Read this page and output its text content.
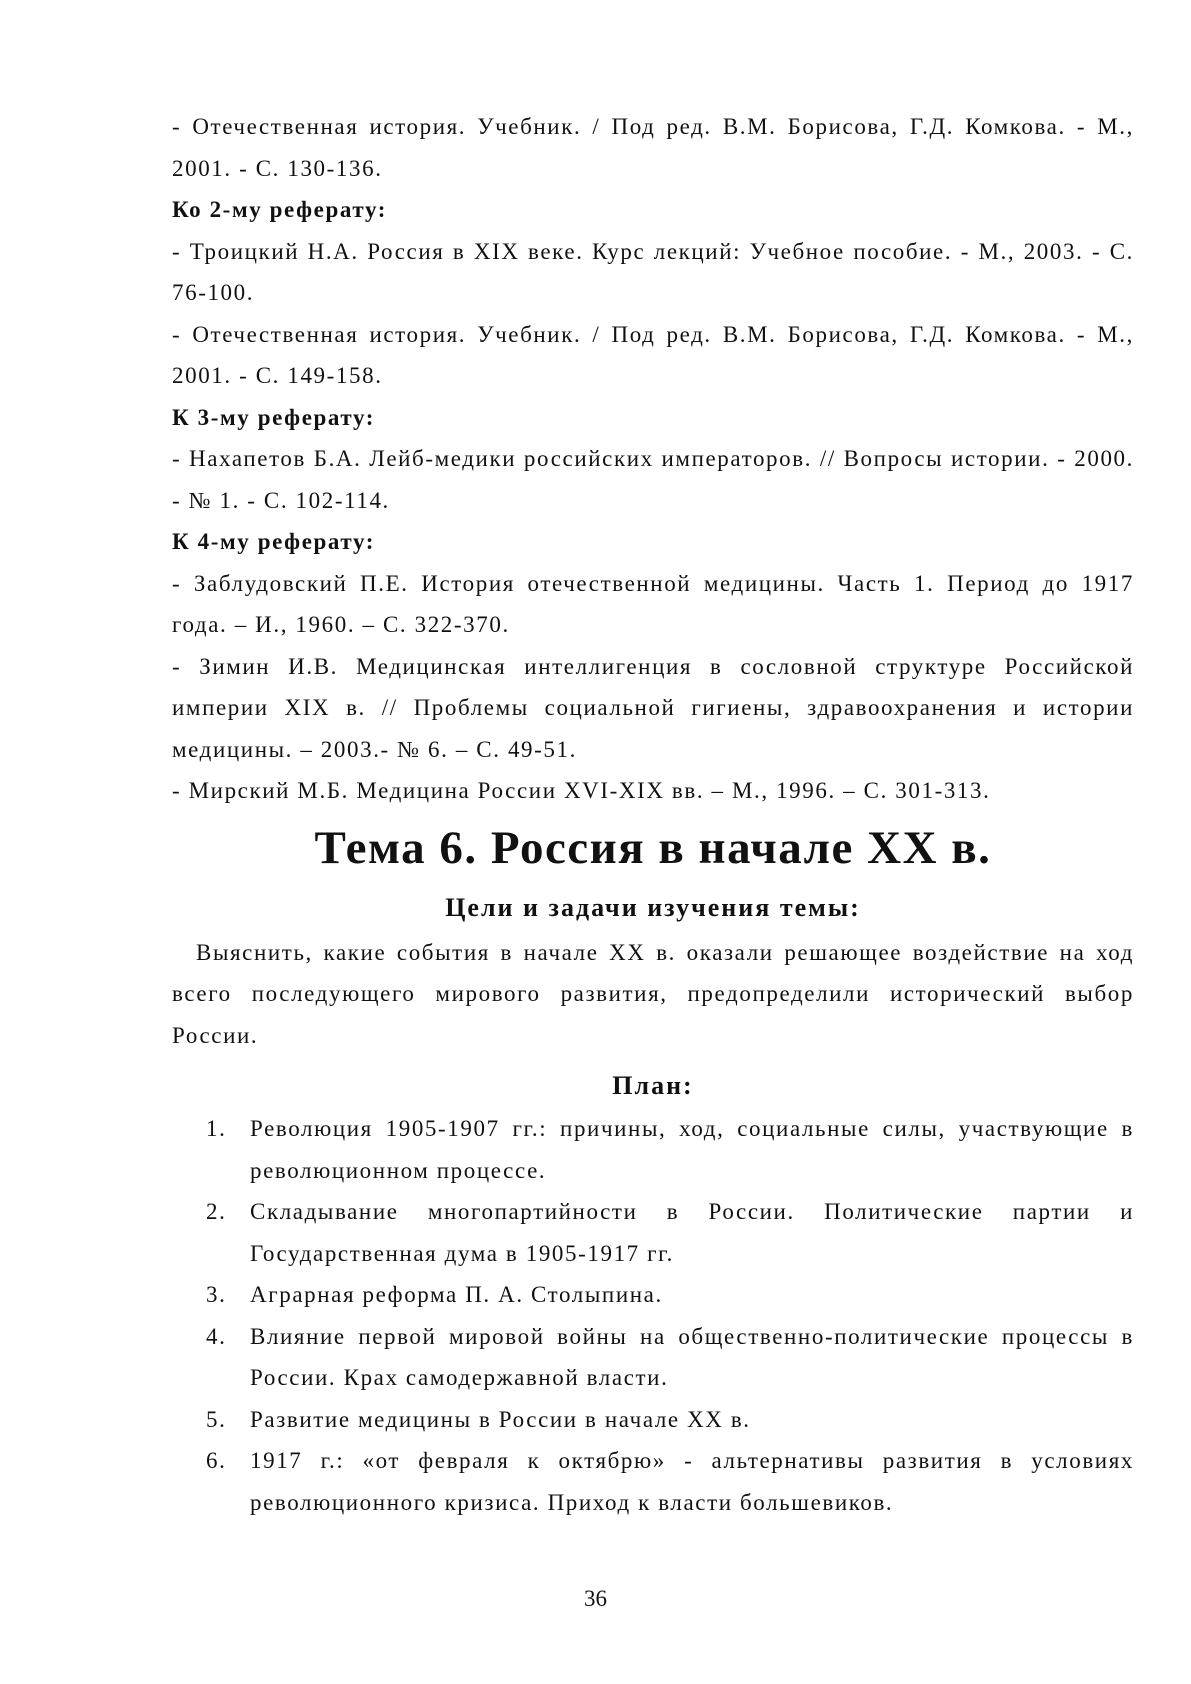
- Отечественная история. Учебник. / Под ред. В.М. Борисова, Г.Д. Комкова. - М., 2001. - С. 130-136.

Ко 2-му реферату:

- Троицкий Н.А. Россия в XIX веке. Курс лекций: Учебное пособие. - М., 2003. - С. 76-100.

- Отечественная история. Учебник. / Под ред. В.М. Борисова, Г.Д. Комкова. - М., 2001. - С. 149-158.

К 3-му реферату:

- Нахапетов Б.А. Лейб-медики российских императоров. // Вопросы истории. - 2000. - № 1. - С. 102-114.

К 4-му реферату:

- Заблудовский П.Е. История отечественной медицины. Часть 1. Период до 1917 года. – И., 1960. – С. 322-370.

- Зимин И.В. Медицинская интеллигенция в сословной структуре Российской империи XIX в. // Проблемы социальной гигиены, здравоохранения и истории медицины. – 2003.- № 6. – С. 49-51.

- Мирский М.Б. Медицина России XVI-XIX вв. – М., 1996. – С. 301-313.

Тема 6. Россия в начале XX в.
Цели и задачи изучения темы:

Выяснить, какие события в начале XX в. оказали решающее воздействие на ход всего последующего мирового развития, предопределили исторический выбор России.

План:
1. Революция 1905-1907 гг.: причины, ход, социальные силы, участвующие в революционном процессе.
2. Складывание многопартийности в России. Политические партии и Государственная дума в 1905-1917 гг.
3. Аграрная реформа П. А. Столыпина.
4. Влияние первой мировой войны на общественно-политические процессы в России. Крах самодержавной власти.
5. Развитие медицины в России в начале XX в.
6. 1917 г.: «от февраля к октябрю» - альтернативы развития в условиях революционного кризиса. Приход к власти большевиков.
36
